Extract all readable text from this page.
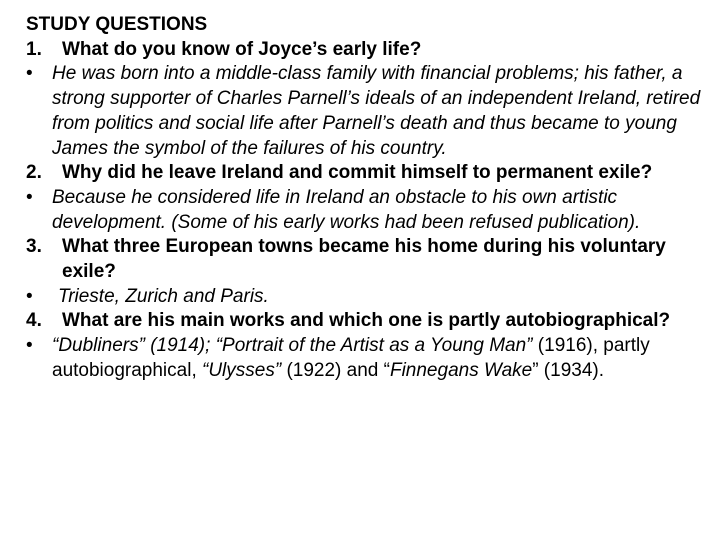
STUDY QUESTIONS
1. What do you know of Joyce’s early life?
• He was born into a middle-class family with financial problems; his father, a strong supporter of Charles Parnell’s ideals of an independent Ireland, retired from politics and social life after Parnell’s death and thus became to young James the symbol of the failures of his country.
2. Why did he leave Ireland and commit himself to permanent exile?
• Because he considered life in Ireland an obstacle to his own artistic development. (Some of his early works had been refused publication).
3. What three European towns became his home during his voluntary exile?
• Trieste, Zurich and Paris.
4. What are his main works and which one is partly autobiographical?
• “Dubliners” (1914); “Portrait of the Artist as a Young Man” (1916), partly autobiographical, “Ulysses” (1922) and “Finnegans Wake” (1934).
